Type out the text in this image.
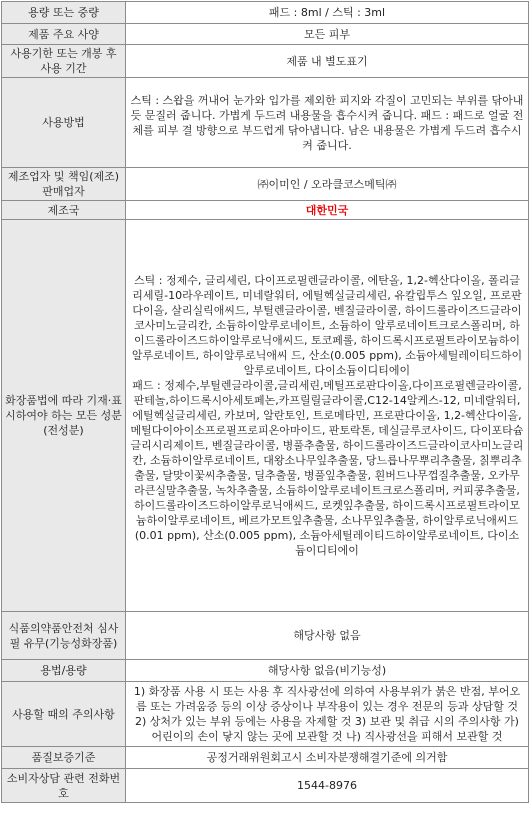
용량 또는 중량	패드 : 8ml / 스틱 : 3ml
제품 주요 사양	모든 피부
사용기한 또는 개봉 후 사용 기간	제품 내 별도표기
사용방법	스틱 : 스왑을 꺼내어 눈가와 입가를 제외한 피지와 각질이 고민되는 부위를 닦아내 듯 문질러 줍니다. 가볍게 두드려 내용물을 흡수시켜 줍니다. 패드 : 패드로 얼굴 전체를 피부 결 방향으로 부드럽게 닦아냅니다. 남은 내용물은 가볍게 두드려 흡수시켜 줍니다.
제조업자 및 책임(제조)판매업자	㈜이미인 / 오라클코스메틱㈜
제조국	대한민국
화장품법에 따라 기재·표시하여야 하는 모든 성분 (전성분)	스틱 : 정제수, 글리세린, 다이프로필렌글라이콜, 에탄올, 1,2-헥산다이올, 폴리글리세릴-10라우레이트, 미네랄워터, 에틸헥실글리세린, 유칼립투스 잎오일, 프로판다이올, 살리실릭애씨드, 부틸렌글라이콜, 벤질글라이콜, 하이드롤라이즈드글라이코사미노글리칸, 소듐하이알루로네이트, 소듐하이 알루로네이트크로스폴리머, 하이드롤라이즈드하이알루로닉애씨드, 토코페롤, 하이드록시프로필트라이모늄하이알루로네이트, 하이알루로닉애씨 드, 산소(0.005 ppm), 소듐아세틸레이티드하이알루로네이트, 다이소듐이디티에이

패드 : 정제수,부틸렌글라이콜,글리세린,메틸프로판다이올,다이프로필렌글라이콜,판테놀,하이드록시아세토페논,카프릴릴글라이콜,C12-14알케스-12, 미네랄워터, 에틸헥실글리세린, 카보머, 알란토인, 트로메타민, 프로판다이올, 1,2-헥산다이올, 메틸다이아이소프로필프로피온아마이드, 판토락톤, 데실글루코사이드, 다이포타슘글리시리제이트, 벤질글라이콜, 병풀추출물, 하이드롤라이즈드글라이코사미노글리칸, 소듐하이알루로네이트, 대왕소나무잎추출물, 당느릅나무뿌리추출물, 칡뿌리추출물, 달맞이꽃씨추출물, 딜추출물, 병풀잎추출물, 흰버드나무껍질추출물, 오카무라큰실말추출물, 녹차추출물, 소듐하이알루로네이트크로스폴리머, 커피콩추출물, 하이드롤라이즈드하이알루로닉애씨드, 로켓잎추출물, 하이드록시프로필트라이모늄하이알루로네이트, 베르가모트잎추출물, 소나무잎추출물, 하이알루로닉애씨드(0.01 ppm), 산소(0.005 ppm), 소듐아세틸레이티드하이알루로네이트, 다이소듐이디티에이

식품의약품안전처 심사 필 유무(기능성화장품)	해당사항 없음
용법/용량	해당사항 없음(비기능성)
사용할 때의 주의사항	1) 화장품 사용 시 또는 사용 후 직사광선에 의하여 사용부위가 붉은 반점, 부어오름 또는 가려움증 등의 이상 증상이나 부작용이 있는 경우 전문의 등과 상담할 것 2) 상처가 있는 부위 등에는 사용을 자제할 것 3) 보관 및 취급 시의 주의사항 가) 어린이의 손이 닿지 않는 곳에 보관할 것 나) 직사광선을 피해서 보관할 것
품질보증기준	공정거래위원회고시 소비자분쟁해결기준에 의거함
소비자상담 관련 전화번호	1544-8976
